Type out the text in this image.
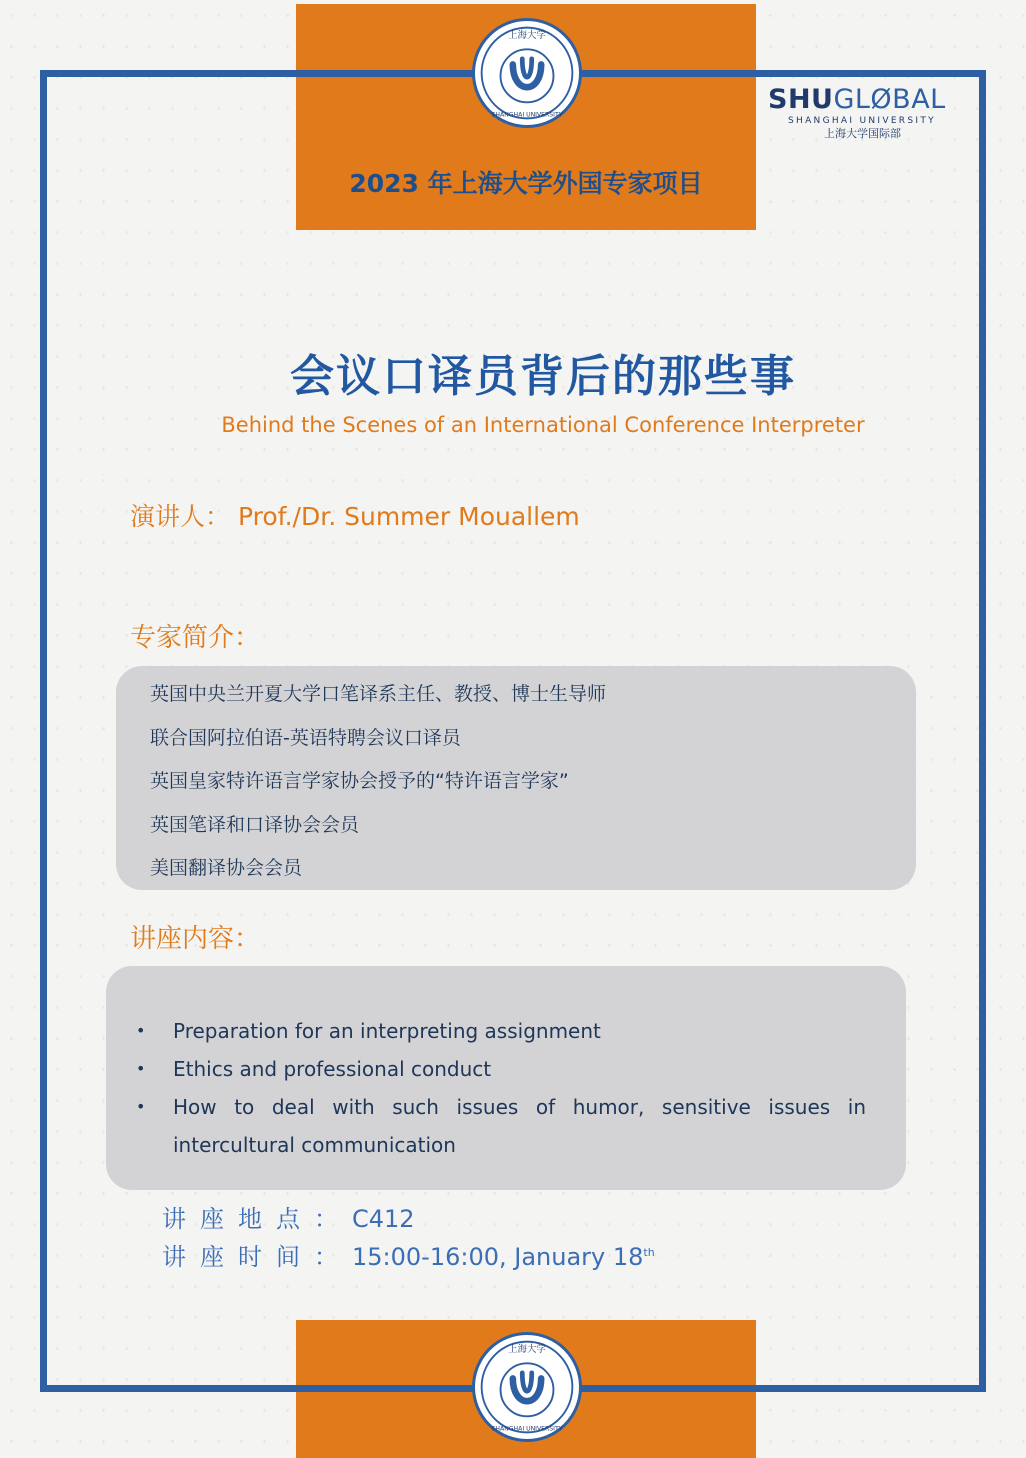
上海大学
SHANGHAI UNIVERSITY
上海大学
SHANGHAI UNIVERSITY
2023 年上海大学外国专家项目
SHUGLØBAL
SHANGHAI UNIVERSITY
上海大学国际部
会议口译员背后的那些事
Behind the Scenes of an International Conference Interpreter
演讲人： Prof./Dr. Summer Mouallem
专家简介：
英国中央兰开夏大学口笔译系主任、教授、博士生导师
联合国阿拉伯语-英语特聘会议口译员
英国皇家特许语言学家协会授予的“特许语言学家”
英国笔译和口译协会会员
美国翻译协会会员
讲座内容：
• Preparation for an interpreting assignment
• Ethics and professional conduct
• How to deal with such issues of humor, sensitive issues in intercultural communication
讲座地点：C412
讲座时间：15:00-16:00, January 18th
